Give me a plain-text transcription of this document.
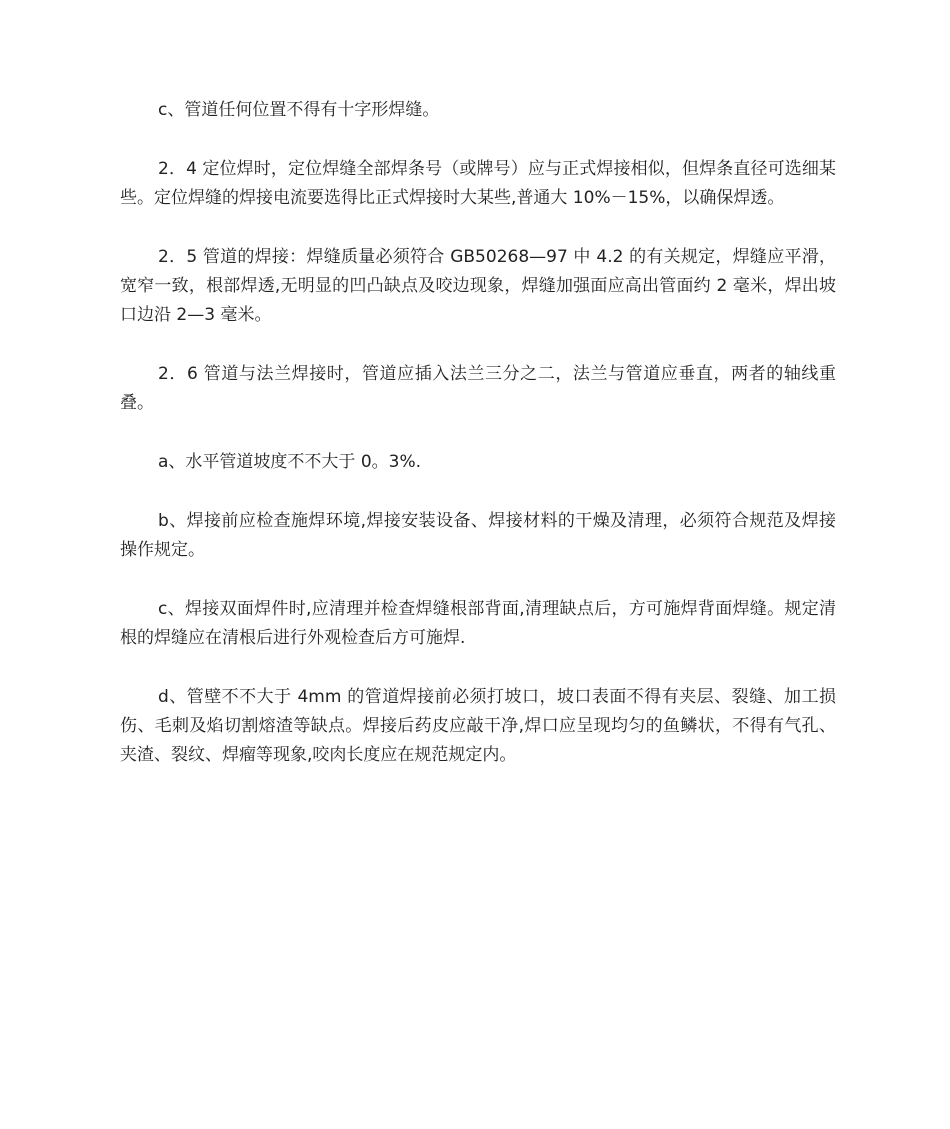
c、管道任何位置不得有十字形焊缝。

2．4 定位焊时，定位焊缝全部焊条号（或牌号）应与正式焊接相似，但焊条直径可选细某些。定位焊缝的焊接电流要选得比正式焊接时大某些,普通大 10%－15%，以确保焊透。

2．5 管道的焊接：焊缝质量必须符合 GB50268—97 中 4.2 的有关规定，焊缝应平滑，宽窄一致，根部焊透,无明显的凹凸缺点及咬边现象，焊缝加强面应高出管面约 2 毫米，焊出坡口边沿 2—3 毫米。

2．6 管道与法兰焊接时，管道应插入法兰三分之二，法兰与管道应垂直，两者的轴线重叠。

a、水平管道坡度不不大于 0。3%.

b、焊接前应检查施焊环境,焊接安装设备、焊接材料的干燥及清理，必须符合规范及焊接操作规定。

c、焊接双面焊件时,应清理并检查焊缝根部背面,清理缺点后，方可施焊背面焊缝。规定清根的焊缝应在清根后进行外观检查后方可施焊.

d、管壁不不大于 4mm 的管道焊接前必须打坡口，坡口表面不得有夹层、裂缝、加工损伤、毛刺及焰切割熔渣等缺点。焊接后药皮应敲干净,焊口应呈现均匀的鱼鳞状，不得有气孔、夹渣、裂纹、焊瘤等现象,咬肉长度应在规范规定内。
